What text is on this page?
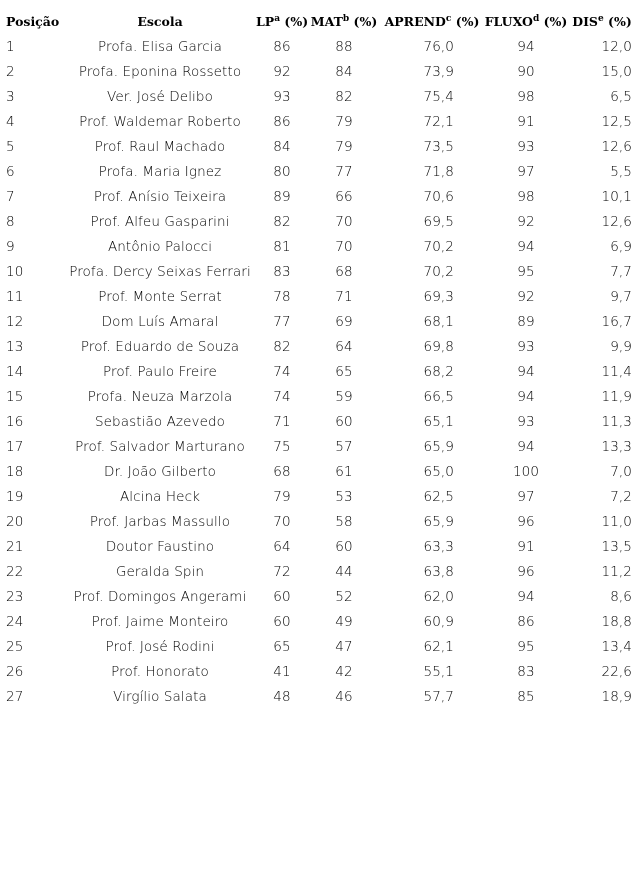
Posição	Escola	$LP^a$ (%)	MAT$^b$ (%)	APREND$^c$ (%)	FLUXO$^d$ (%)	DIS$^e$ (%)
1	Profa. Elisa Garcia	86	88	76,0	94	12,0
2	Profa. Eponina Rossetto	92	84	73,9	90	15,0
3	Ver. José Delibo	93	82	75,4	98	6,5
4	Prof. Waldemar Roberto	86	79	72,1	91	12,5
5	Prof. Raul Machado	84	79	73,5	93	12,6
6	Profa. Maria Ignez	80	77	71,8	97	5,5
7	Prof. Anísio Teixeira	89	66	70,6	98	10,1
8	Prof. Alfeu Gasparini	82	70	69,5	92	12,6
9	Antônio Palocci	81	70	70,2	94	6,9
10	Profa. Dercy Seixas Ferrari	83	68	70,2	95	7,7
11	Prof. Monte Serrat	78	71	69,3	92	9,7
12	Dom Luís Amaral	77	69	68,1	89	16,7
13	Prof. Eduardo de Souza	82	64	69,8	93	9,9
14	Prof. Paulo Freire	74	65	68,2	94	11,4
15	Profa. Neuza Marzola	74	59	66,5	94	11,9
16	Sebastião Azevedo	71	60	65,1	93	11,3
17	Prof. Salvador Marturano	75	57	65,9	94	13,3
18	Dr. João Gilberto	68	61	65,0	100	7,0
19	Alcina Heck	79	53	62,5	97	7,2
20	Prof. Jarbas Massullo	70	58	65,9	96	11,0
21	Doutor Faustino	64	60	63,3	91	13,5
22	Geralda Spin	72	44	63,8	96	11,2
23	Prof. Domingos Angerami	60	52	62,0	94	8,6
24	Prof. Jaime Monteiro	60	49	60,9	86	18,8
25	Prof. José Rodini	65	47	62,1	95	13,4
26	Prof. Honorato	41	42	55,1	83	22,6
27	Virgílio Salata	48	46	57,7	85	18,9
